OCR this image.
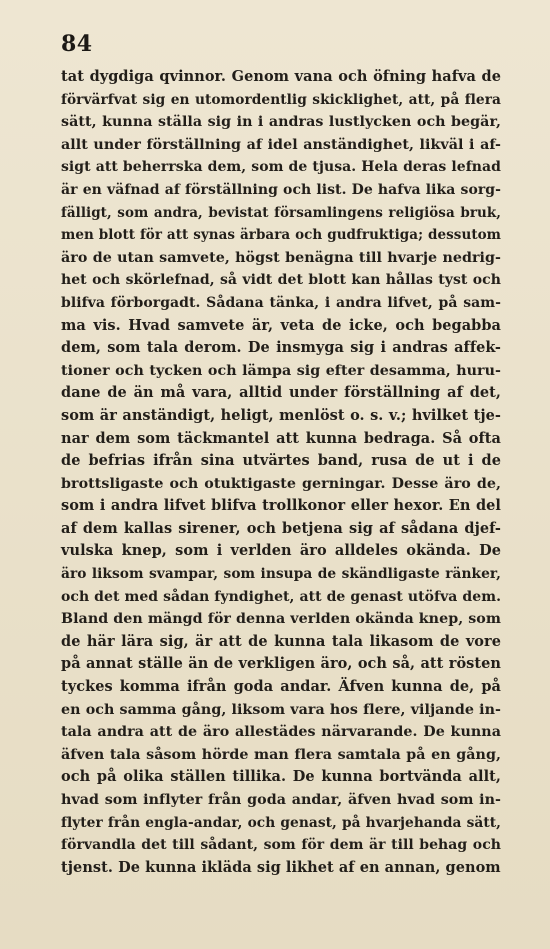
84
tat dygdiga qvinnor. Genom vana och öfning hafva de
förvärfvat sig en utomordentlig skicklighet, att, på flera
sätt, kunna ställa sig in i andras lustlycken och begär,
allt under förställning af idel anständighet, likväl i af-
sigt att beherrska dem, som de tjusa. Hela deras lefnad
är en väfnad af förställning och list. De hafva lika sorg-
fälligt, som andra, bevistat församlingens religiösa bruk,
men blott för att synas ärbara och gudfruktiga; dessutom
äro de utan samvete, högst benägna till hvarje nedrig-
het och skörlefnad, så vidt det blott kan hållas tyst och
blifva förborgadt. Sådana tänka, i andra lifvet, på sam-
ma vis. Hvad samvete är, veta de icke, och begabba
dem, som tala derom. De insmyga sig i andras affek-
tioner och tycken och lämpa sig efter desamma, huru-
dane de än må vara, alltid under förställning af det,
som är anständigt, heligt, menlöst o. s. v.; hvilket tje-
nar dem som täckmantel att kunna bedraga. Så ofta
de befrias ifrån sina utvärtes band, rusa de ut i de
brottsligaste och otuktigaste gerningar. Desse äro de,
som i andra lifvet blifva trollkonor eller hexor. En del
af dem kallas sirener, och betjena sig af sådana djef-
vulska knep, som i verlden äro alldeles okända. De
äro liksom svampar, som insupa de skändligaste ränker,
och det med sådan fyndighet, att de genast utöfva dem.
Bland den mängd för denna verlden okända knep, som
de här lära sig, är att de kunna tala likasom de vore
på annat ställe än de verkligen äro, och så, att rösten
tyckes komma ifrån goda andar. Äfven kunna de, på
en och samma gång, liksom vara hos flere, viljande in-
tala andra att de äro allestädes närvarande. De kunna
äfven tala såsom hörde man flera samtala på en gång,
och på olika ställen tillika. De kunna bortvända allt,
hvad som inflyter från goda andar, äfven hvad som in-
flyter från engla-andar, och genast, på hvarjehanda sätt,
förvandla det till sådant, som för dem är till behag och
tjenst. De kunna ikläda sig likhet af en annan, genom
